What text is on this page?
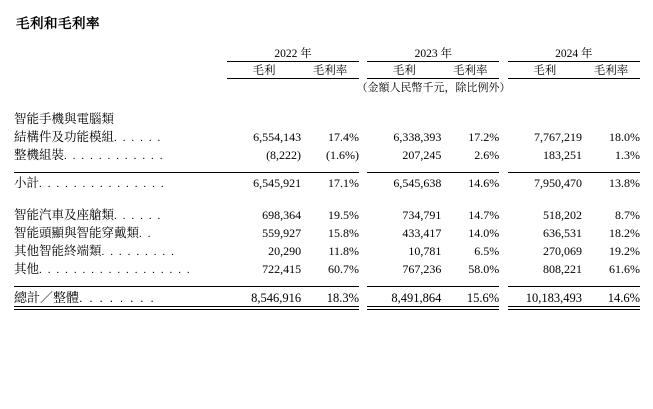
毛利和毛利率
	2022 年			2023 年			2024 年	
	毛利	毛利率		毛利	毛利率		毛利	毛利率
	（金額人民幣千元，除比例外）							

智能手機與電腦類								
結構件及功能模組. . . . . .	6,554,143	17.4%		6,338,393	17.2%		7,767,219	18.0%
整機組裝. . . . . . . . . . . .	(8,222)	(1.6%)		207,245	2.6%		183,251	1.3%

小計. . . . . . . . . . . . . . .	6,545,921	17.1%		6,545,638	14.6%		7,950,470	13.8%

智能汽車及座艙類. . . . . .	698,364	19.5%		734,791	14.7%		518,202	8.7%
智能頭顯與智能穿戴類. .	559,927	15.8%		433,417	14.0%		636,531	18.2%
其他智能終端類. . . . . . . . .	20,290	11.8%		10,781	6.5%		270,069	19.2%
其他. . . . . . . . . . . . . . . . . .	722,415	60.7%		767,236	58.0%		808,221	61.6%

總計／整體. . . . . . . .	8,546,916	18.3%		8,491,864	15.6%		10,183,493	14.6%
